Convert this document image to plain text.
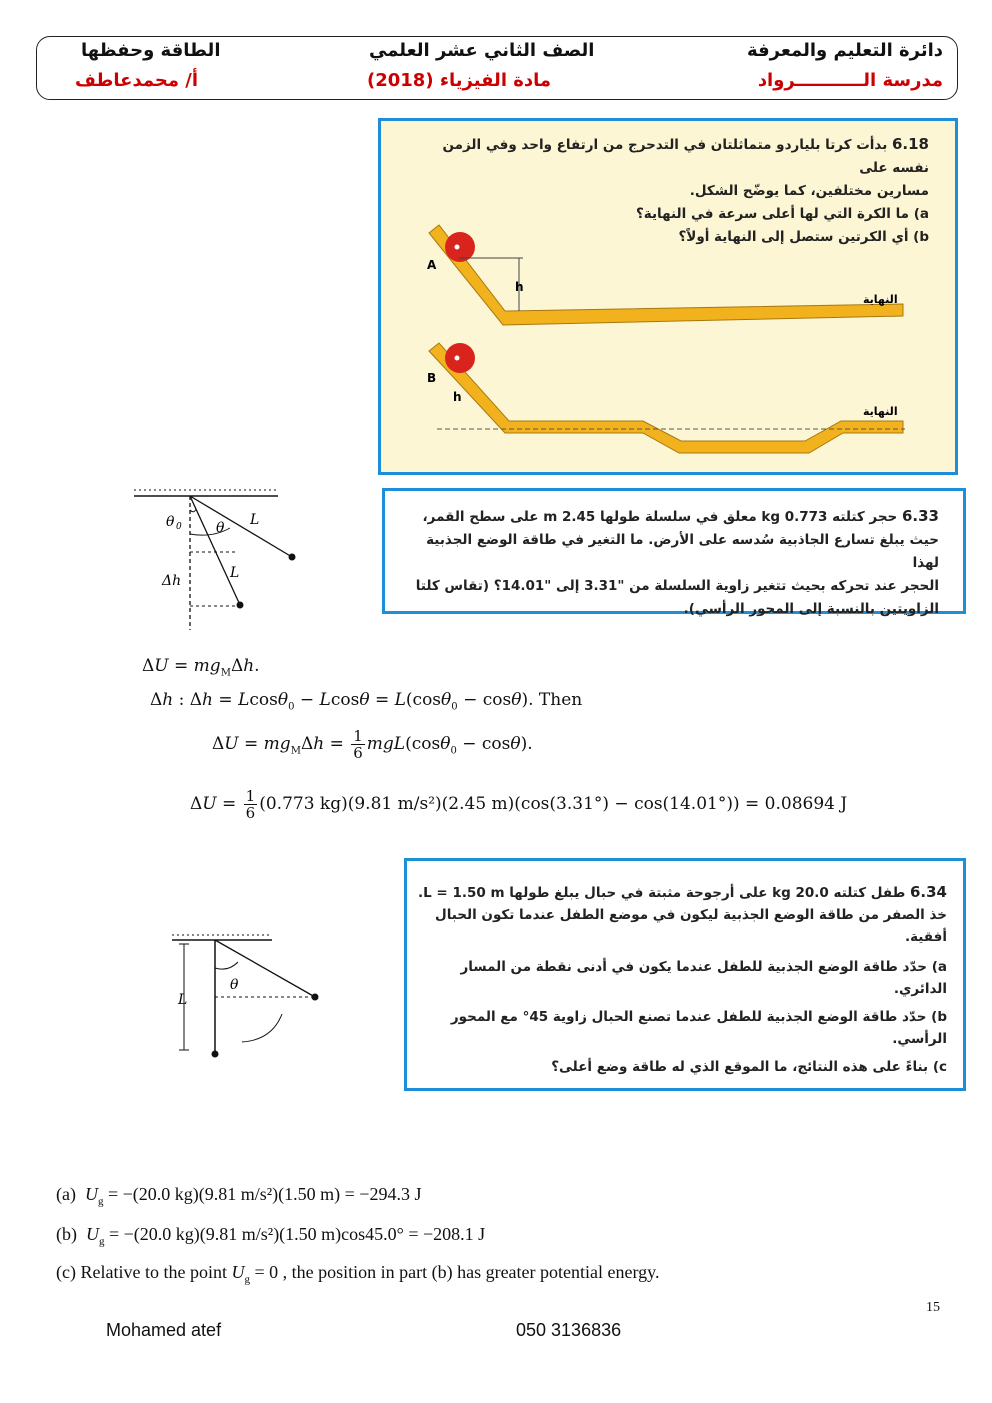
دائرة التعليم والمعرفة
مدرسة الـــــــــــرواد
الصف الثاني عشر العلمي
مادة الفيزياء (2018)
الطاقة وحفظها
أ/ محمدعاطف
6.18 بدأت كرتا بلياردو متماثلتان في التدحرج من ارتفاع واحد وفي الزمن نفسه على
مسارين مختلفين، كما يوضّح الشكل.
a) ما الكرة التي لها أعلى سرعة في النهاية؟
b) أي الكرتين ستصل إلى النهاية أولاً؟
A
h
النهاية
B
h
النهاية
θ 0 θ L
L
Δh
6.33 حجر كتلته 0.773 kg معلق في سلسلة طولها 2.45 m على سطح القمر،
حيث يبلغ تسارع الجاذبية سُدسه على الأرض. ما التغير في طاقة الوضع الجذبية لهذا
الحجر عند تحركه بحيث تتغير زاوية السلسلة من "3.31 إلى "14.01؟ (تقاس كلتا
الزاويتين بالنسبة إلى المحور الرأسي).
$\Delta U = mg_M\Delta h$.
Δh : Δh = Lcosθ$_0$ − Lcosθ = L(cosθ$_0$ − cosθ). Then
$\Delta U = mg_M\Delta h = \frac{1}{6} mgL(\cos\theta_0 - \cos\theta)$.
$\Delta U = \frac{1}{6} (0.773$ kg)(9.81 m/s²)(2.45 m)(cos(3.31°) − cos(14.01°)) = 0.08694 J
6.34 طفل كتلته 20.0 kg على أرجوحة مثبتة في حبال يبلغ طولها L = 1.50 m.
خذ الصفر من طاقة الوضع الجذبية ليكون في موضع الطفل عندما تكون الحبال
أفقية.
a) حدّد طاقة الوضع الجذبية للطفل عندما يكون في أدنى نقطة من المسار الدائري.
b) حدّد طاقة الوضع الجذبية للطفل عندما تصنع الحبال زاوية 45° مع المحور
الرأسي.
c) بناءً على هذه النتائج، ما الموقع الذي له طاقة وضع أعلى؟
θ
L
(a) $U_g = -(20.0$ kg)(9.81 m/s²)(1.50 m) = −294.3 J
(b) $U_g = -(20.0$ kg)(9.81 m/s²)(1.50 m)cos45.0° = −208.1 J
(c) Relative to the point $U_g = 0$ , the position in part (b) has greater potential energy.
15
Mohamed atef	050 3136836
